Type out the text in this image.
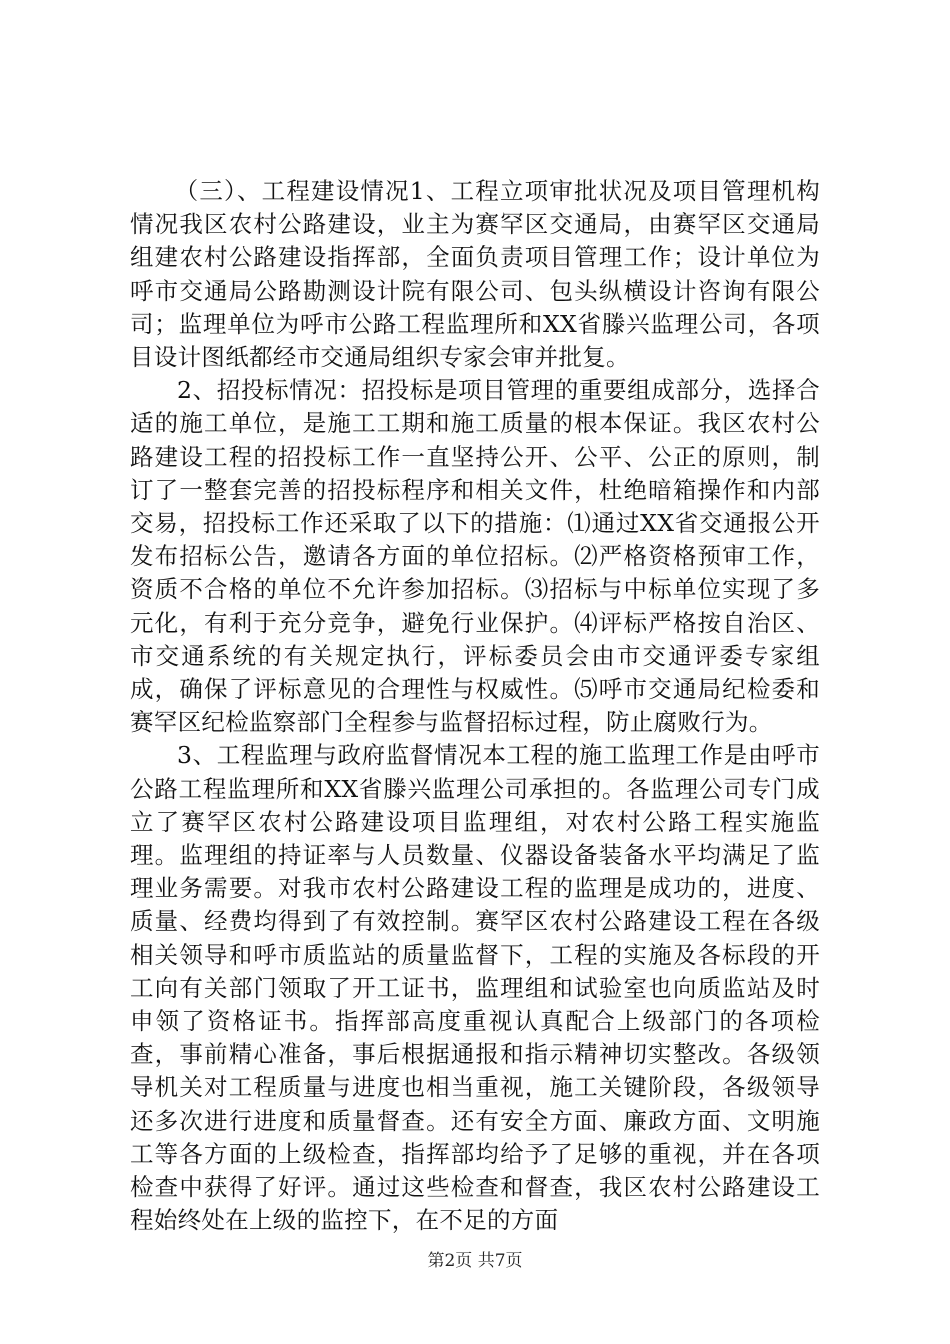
（三）、工程建设情况1、工程立项审批状况及项目管理机构情况我区农村公路建设，业主为赛罕区交通局，由赛罕区交通局组建农村公路建设指挥部，全面负责项目管理工作；设计单位为呼市交通局公路勘测设计院有限公司、包头纵横设计咨询有限公司；监理单位为呼市公路工程监理所和XX省滕兴监理公司，各项目设计图纸都经市交通局组织专家会审并批复。

2、招投标情况：招投标是项目管理的重要组成部分，选择合适的施工单位，是施工工期和施工质量的根本保证。我区农村公路建设工程的招投标工作一直坚持公开、公平、公正的原则，制订了一整套完善的招投标程序和相关文件，杜绝暗箱操作和内部交易，招投标工作还采取了以下的措施：⑴通过XX省交通报公开发布招标公告，邀请各方面的单位招标。⑵严格资格预审工作，资质不合格的单位不允许参加招标。⑶招标与中标单位实现了多元化，有利于充分竞争，避免行业保护。⑷评标严格按自治区、市交通系统的有关规定执行，评标委员会由市交通评委专家组成，确保了评标意见的合理性与权威性。⑸呼市交通局纪检委和赛罕区纪检监察部门全程参与监督招标过程，防止腐败行为。

3、工程监理与政府监督情况本工程的施工监理工作是由呼市公路工程监理所和XX省滕兴监理公司承担的。各监理公司专门成立了赛罕区农村公路建设项目监理组，对农村公路工程实施监理。监理组的持证率与人员数量、仪器设备装备水平均满足了监理业务需要。对我市农村公路建设工程的监理是成功的，进度、质量、经费均得到了有效控制。赛罕区农村公路建设工程在各级相关领导和呼市质监站的质量监督下，工程的实施及各标段的开工向有关部门领取了开工证书，监理组和试验室也向质监站及时申领了资格证书。指挥部高度重视认真配合上级部门的各项检查，事前精心准备，事后根据通报和指示精神切实整改。各级领导机关对工程质量与进度也相当重视，施工关键阶段，各级领导还多次进行进度和质量督查。还有安全方面、廉政方面、文明施工等各方面的上级检查，指挥部均给予了足够的重视，并在各项检查中获得了好评。通过这些检查和督查，我区农村公路建设工程始终处在上级的监控下，在不足的方面

第2页 共7页
